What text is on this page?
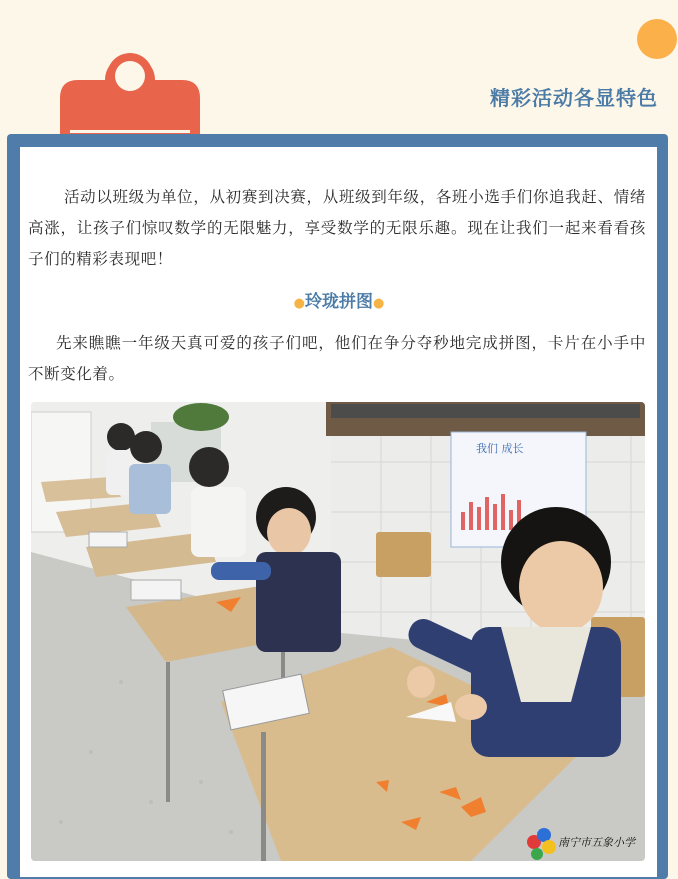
精彩活动各显特色

活动以班级为单位，从初赛到决赛，从班级到年级，各班小选手们你追我赶、情绪高涨，让孩子们惊叹数学的无限魅力，享受数学的无限乐趣。现在让我们一起来看看孩子们的精彩表现吧！

●玲珑拼图●

先来瞧瞧一年级天真可爱的孩子们吧，他们在争分夺秒地完成拼图，卡片在小手中不断变化着。

我们 成长
南宁市五象小学
